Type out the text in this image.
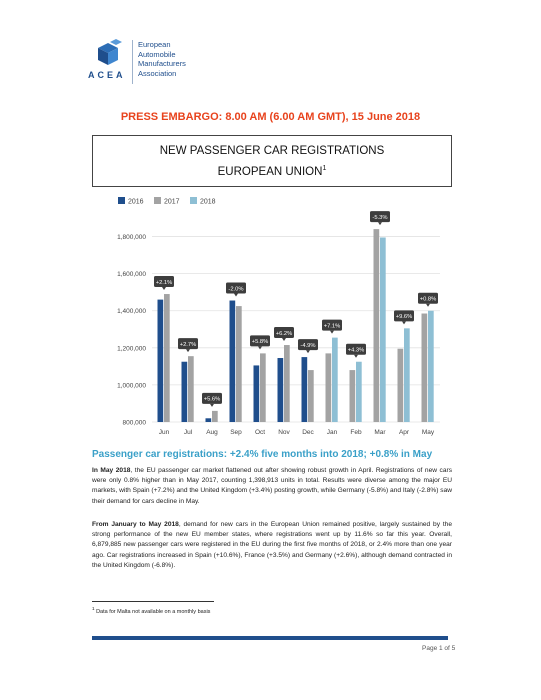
ACEA
European
Automobile
Manufacturers
Association
PRESS EMBARGO: 8.00 AM (6.00 AM GMT), 15 June 2018
NEW PASSENGER CAR REGISTRATIONS
EUROPEAN UNION$^1$
2016	2017	2018
800,000
1,000,000
1,200,000
1,400,000
1,600,000
1,800,000
Jun
+2.1%
Jul
+2.7%
Aug
+5.6%
Sep
-2.0%
Oct
+5.8%
Nov
+6.2%
Dec
-4.9%
Jan
+7.1%
Feb
+4.3%
Mar
-5.3%
Apr
+9.6%
May
+0.8%
Passenger car registrations: +2.4% five months into 2018; +0.8% in May
In May 2018, the EU passenger car market flattened out after showing robust growth in April. Registrations of new cars were only 0.8% higher than in May 2017, counting 1,398,913 units in total. Results were diverse among the major EU markets, with Spain (+7.2%) and the United Kingdom (+3.4%) posting growth, while Germany (-5.8%) and Italy (-2.8%) saw their demand for cars decline in May.
From January to May 2018, demand for new cars in the European Union remained positive, largely sustained by the strong performance of the new EU member states, where registrations went up by 11.6% so far this year. Overall, 6,879,885 new passenger cars were registered in the EU during the first five months of 2018, or 2.4% more than one year ago. Car registrations increased in Spain (+10.6%), France (+3.5%) and Germany (+2.6%), although demand contracted in the United Kingdom (-6.8%).
$^1$ Data for Malta not available on a monthly basis
Page 1 of 5
